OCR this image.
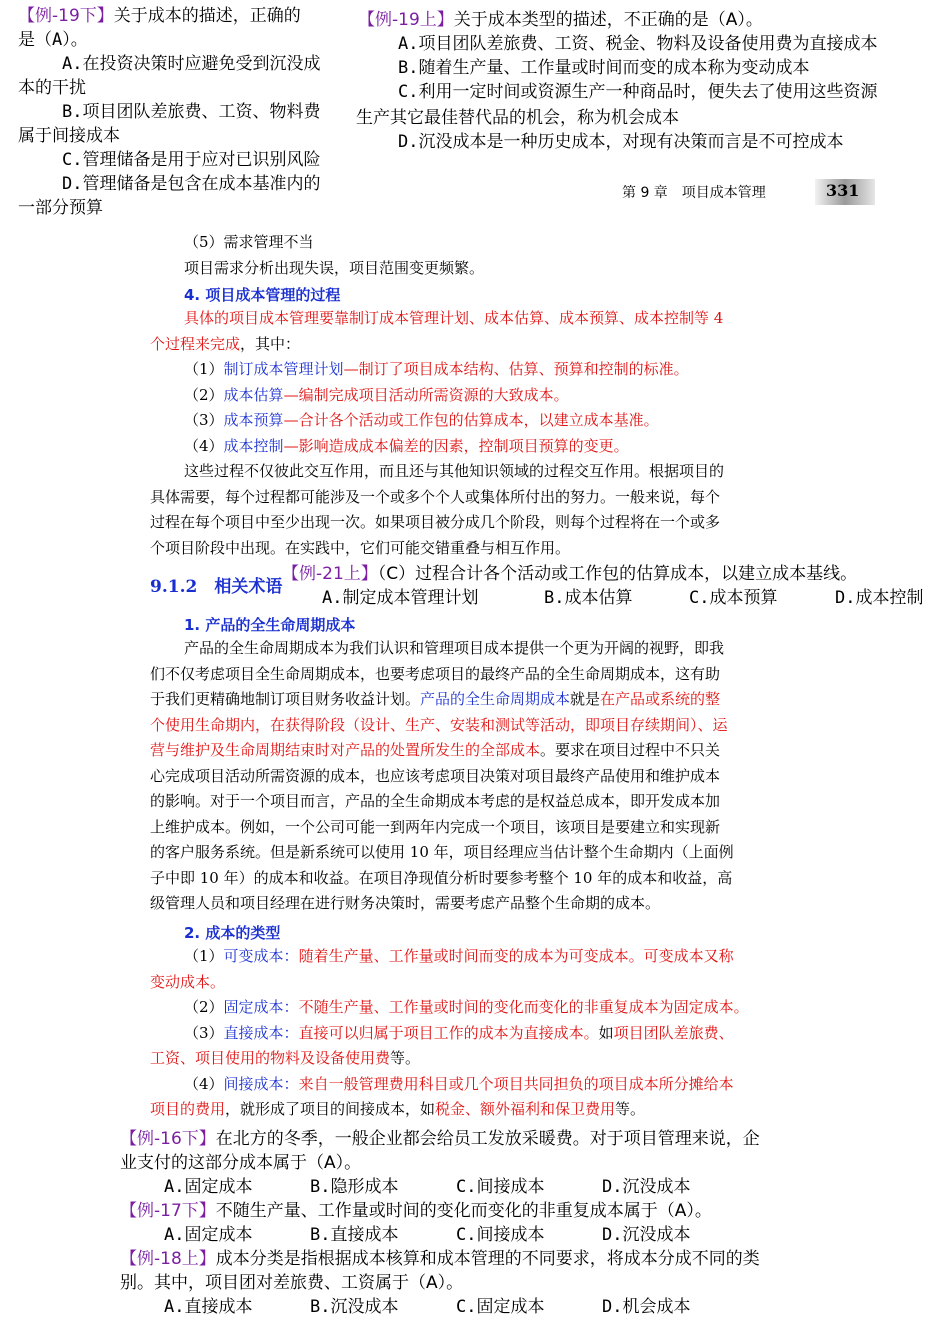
【例-19下】关于成本的描述，正确的
是（A）。
A.在投资决策时应避免受到沉没成
本的干扰
B.项目团队差旅费、工资、物料费
属于间接成本
C.管理储备是用于应对已识别风险
D.管理储备是包含在成本基准内的
一部分预算
【例-19上】关于成本类型的描述，不正确的是（A）。
A.项目团队差旅费、工资、税金、物料及设备使用费为直接成本
B.随着生产量、工作量或时间而变的成本称为变动成本
C.利用一定时间或资源生产一种商品时，便失去了使用这些资源
生产其它最佳替代品的机会，称为机会成本
D.沉没成本是一种历史成本，对现有决策而言是不可控成本
第 9 章　项目成本管理	331

（5）需求管理不当

项目需求分析出现失误，项目范围变更频繁。

4. 项目成本管理的过程

具体的项目成本管理要靠制订成本管理计划、成本估算、成本预算、成本控制等 4

个过程来完成，其中：

（1）制订成本管理计划—制订了项目成本结构、估算、预算和控制的标准。

（2）成本估算—编制完成项目活动所需资源的大致成本。

（3）成本预算—合计各个活动或工作包的估算成本，以建立成本基准。

（4）成本控制—影响造成成本偏差的因素，控制项目预算的变更。

这些过程不仅彼此交互作用，而且还与其他知识领域的过程交互作用。根据项目的

具体需要，每个过程都可能涉及一个或多个个人或集体所付出的努力。一般来说，每个

过程在每个项目中至少出现一次。如果项目被分成几个阶段，则每个过程将在一个或多

个项目阶段中出现。在实践中，它们可能交错重叠与相互作用。

9.1.2　相关术语
【例-21上】（C）过程合计各个活动或工作包的估算成本，以建立成本基线。
A.制定成本管理计划	B.成本估算	C.成本预算	D.成本控制
1. 产品的全生命周期成本

产品的全生命周期成本为我们认识和管理项目成本提供一个更为开阔的视野，即我

们不仅考虑项目全生命周期成本，也要考虑项目的最终产品的全生命周期成本，这有助

于我们更精确地制订项目财务收益计划。产品的全生命周期成本就是在产品或系统的整

个使用生命期内，在获得阶段（设计、生产、安装和测试等活动，即项目存续期间）、运

营与维护及生命周期结束时对产品的处置所发生的全部成本。要求在项目过程中不只关

心完成项目活动所需资源的成本，也应该考虑项目决策对项目最终产品使用和维护成本

的影响。对于一个项目而言，产品的全生命期成本考虑的是权益总成本，即开发成本加

上维护成本。例如，一个公司可能一到两年内完成一个项目，该项目是要建立和实现新

的客户服务系统。但是新系统可以使用 10 年，项目经理应当估计整个生命期内（上面例

子中即 10 年）的成本和收益。在项目净现值分析时要参考整个 10 年的成本和收益，高

级管理人员和项目经理在进行财务决策时，需要考虑产品整个生命期的成本。

2. 成本的类型

（1）可变成本：随着生产量、工作量或时间而变的成本为可变成本。可变成本又称

变动成本。

（2）固定成本：不随生产量、工作量或时间的变化而变化的非重复成本为固定成本。

（3）直接成本：直接可以归属于项目工作的成本为直接成本。如项目团队差旅费、

工资、项目使用的物料及设备使用费等。

（4）间接成本：来自一般管理费用科目或几个项目共同担负的项目成本所分摊给本

项目的费用，就形成了项目的间接成本，如税金、额外福利和保卫费用等。

【例-16下】在北方的冬季，一般企业都会给员工发放采暖费。对于项目管理来说，企
业支付的这部分成本属于（A）。
A.固定成本	B.隐形成本	C.间接成本	D.沉没成本
【例-17下】不随生产量、工作量或时间的变化而变化的非重复成本属于（A）。
A.固定成本	B.直接成本	C.间接成本	D.沉没成本
【例-18上】成本分类是指根据成本核算和成本管理的不同要求，将成本分成不同的类
别。其中，项目团对差旅费、工资属于（A）。
A.直接成本	B.沉没成本	C.固定成本	D.机会成本
